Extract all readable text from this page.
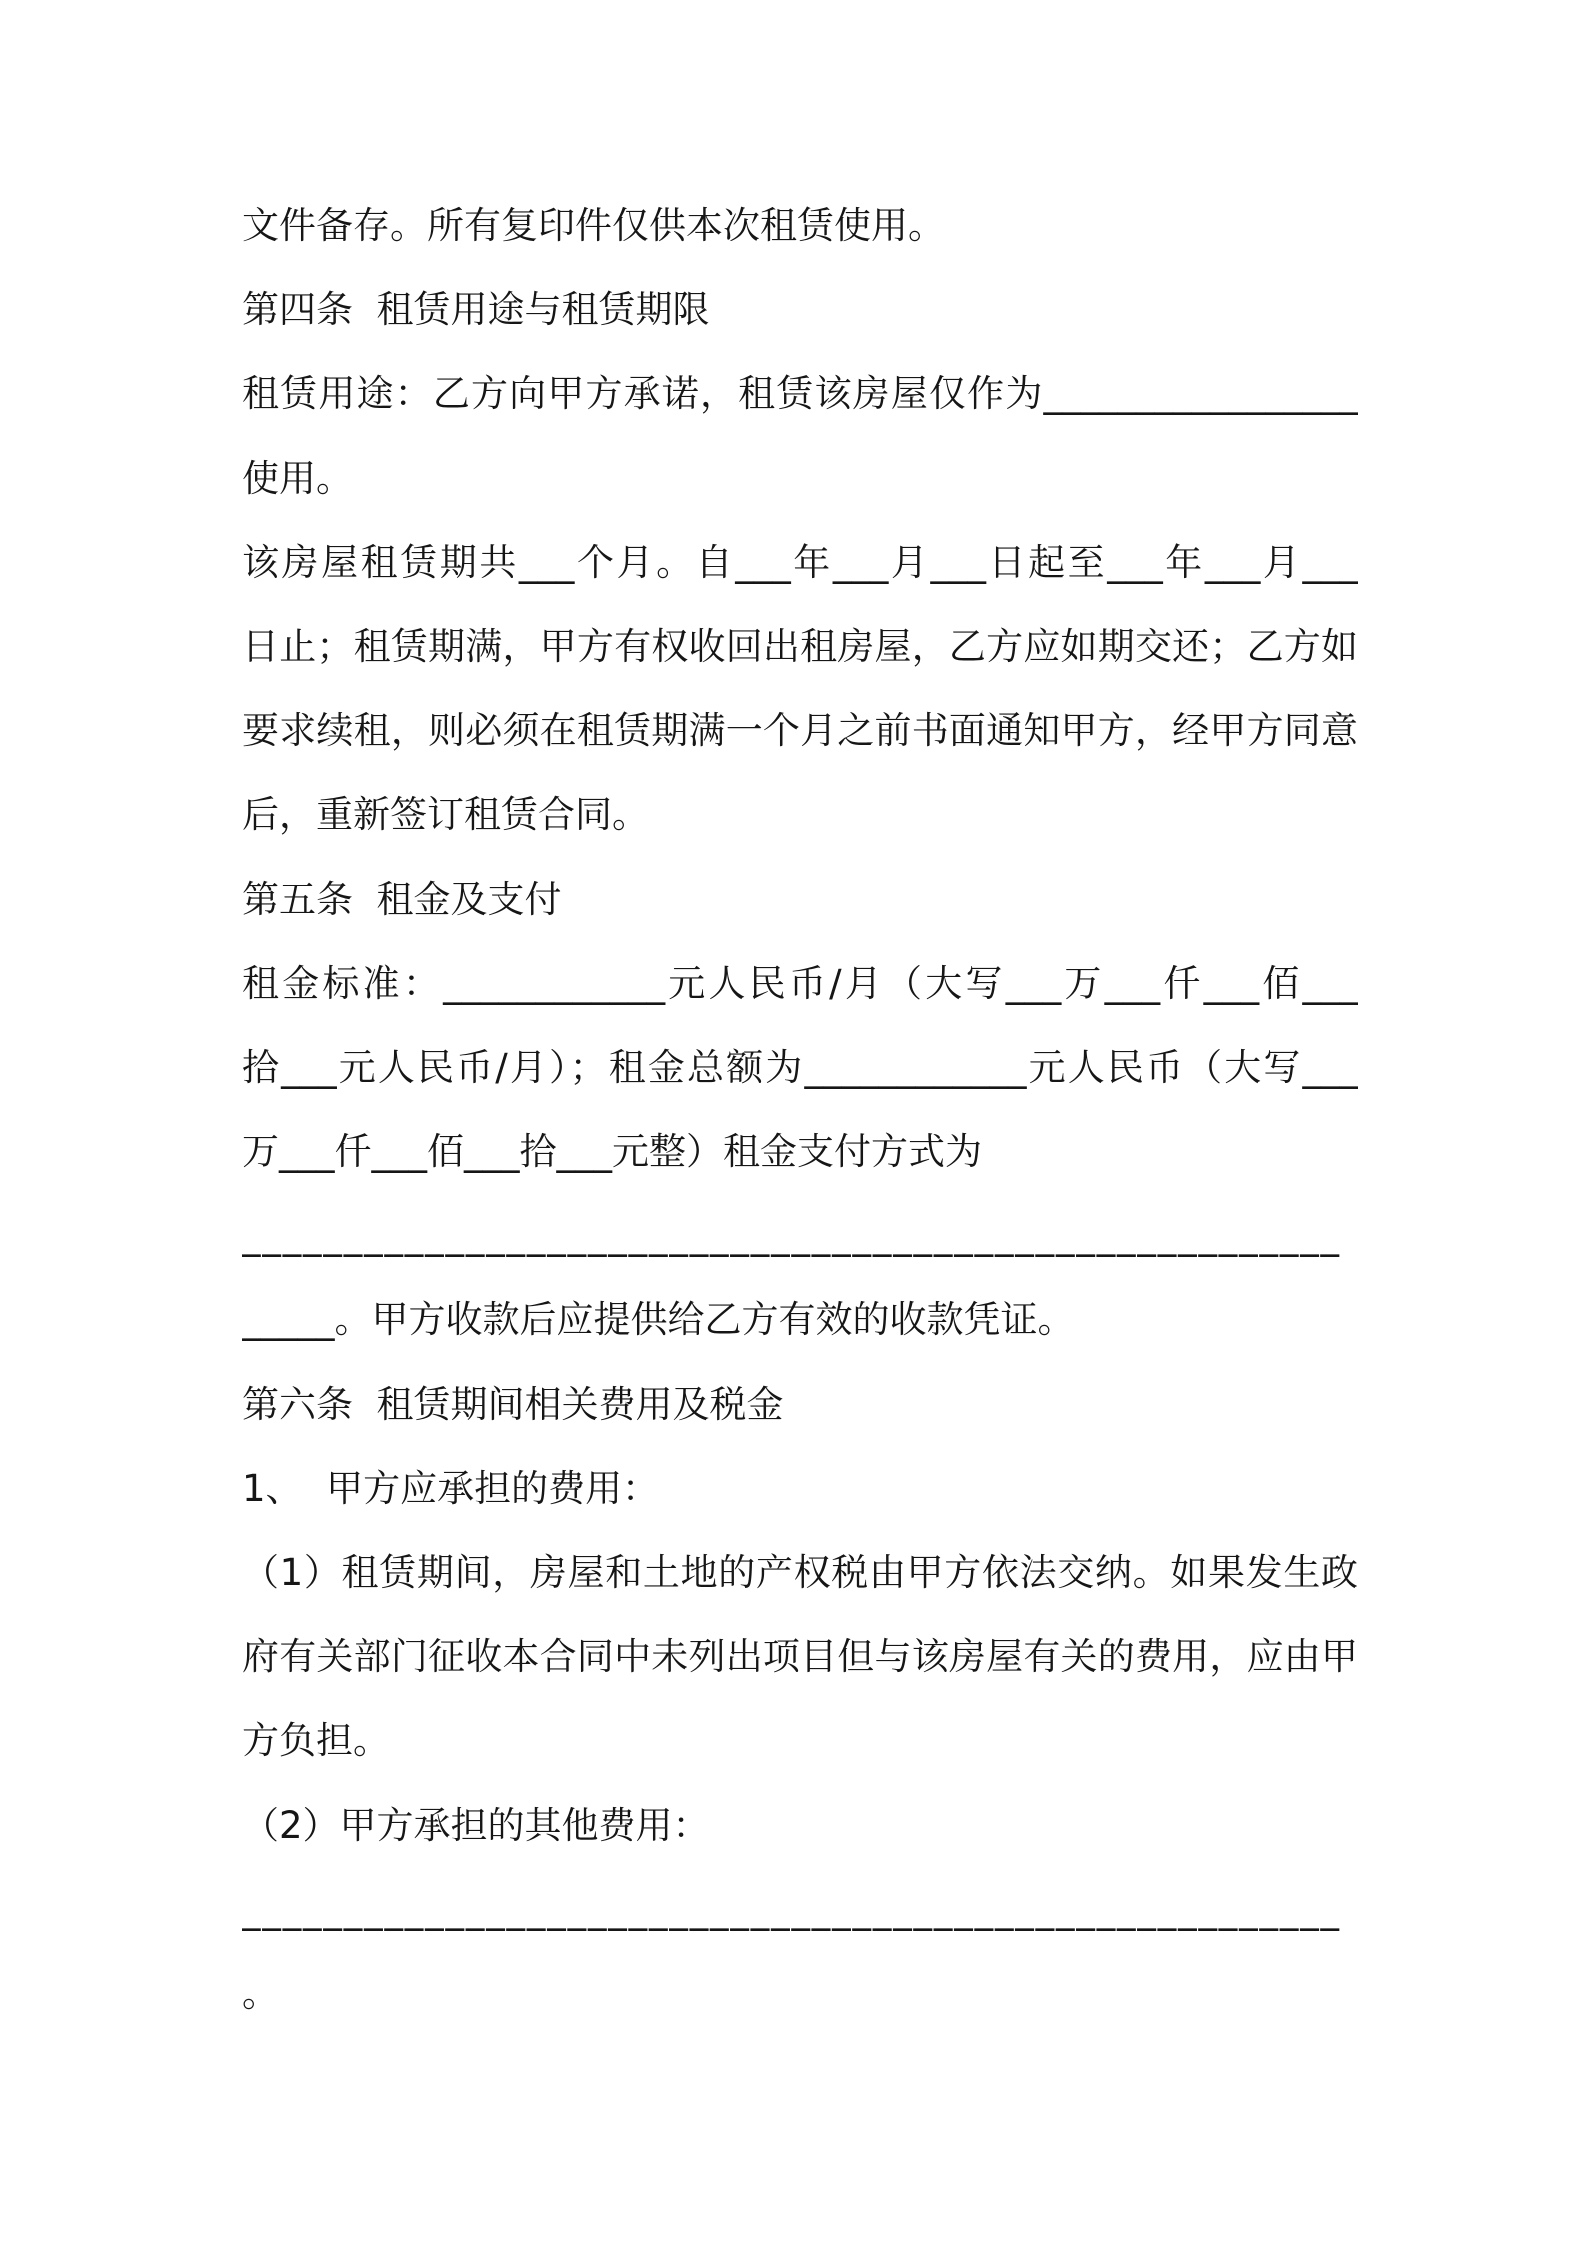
文件备存。所有复印件仅供本次租赁使用。
第四条  租赁用途与租赁期限
租赁用途：乙方向甲方承诺，租赁该房屋仅作为_________________
使用。
该房屋租赁期共___个月。自___年___月___日起至___年___月___
日止；租赁期满，甲方有权收回出租房屋，乙方应如期交还；乙方如
要求续租，则必须在租赁期满一个月之前书面通知甲方，经甲方同意
后，重新签订租赁合同。
第五条  租金及支付
租金标准：____________元人民币/月（大写___万___仟___佰___
拾___元人民币/月）；租金总额为____________元人民币（大写___
万___仟___佰___拾___元整）租金支付方式为
______________________________________________________
_____。甲方收款后应提供给乙方有效的收款凭证。
第六条  租赁期间相关费用及税金
1、  甲方应承担的费用：
（1）租赁期间，房屋和土地的产权税由甲方依法交纳。如果发生政
府有关部门征收本合同中未列出项目但与该房屋有关的费用，应由甲
方负担。
（2）甲方承担的其他费用：
______________________________________________________
。
